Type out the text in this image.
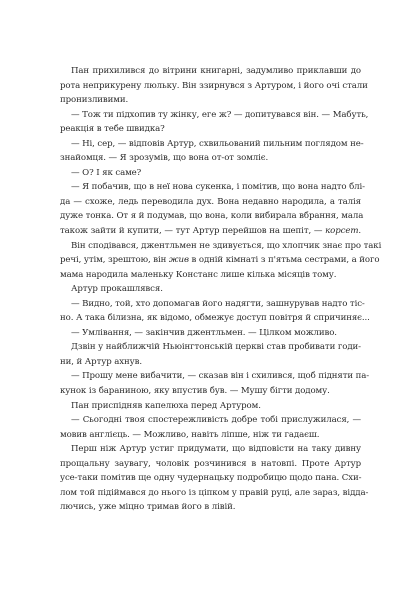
Пан прихилився до вітрини книгарні, задумливо приклавши до
рота неприкурену люльку. Він ззирнувся з Артуром, і його очі стали
пронизливими.
— Тож ти підхопив ту жінку, еге ж? — допитувався він. — Мабуть,
реакція в тебе швидка?
— Ні, сер, — відповів Артур, схвильований пильним поглядом не-
знайомця. — Я зрозумів, що вона от-от зомліє.
— О? І як саме?
— Я побачив, що в неї нова сукенка, і помітив, що вона надто блі-
да — схоже, ледь переводила дух. Вона недавно народила, а талія
дуже тонка. От я й подумав, що вона, коли вибирала вбрання, мала
також зайти й купити, — тут Артур перейшов на шепіт, — корсет.
Він сподівався, джентльмен не здивується, що хлопчик знає про такі
речі, утім, зрештою, він жив в одній кімнаті з п'ятьма сестрами, а його
мама народила маленьку Констанс лише кілька місяців тому.
Артур прокашлявся.
— Видно, той, хто допомагав його надягти, зашнурував надто тіс-
но. А така білизна, як відомо, обмежує доступ повітря й спричиняє...
— Умлівання, — закінчив джентльмен. — Цілком можливо.
Дзвін у найближчій Ньюінгтонській церкві став пробивати годи-
ни, й Артур ахнув.
— Прошу мене вибачити, — сказав він і схилився, щоб підняти па-
кунок із бараниною, яку впустив був. — Мушу бігти додому.
Пан приспідняв капелюха перед Артуром.
— Сьогодні твоя спостережливість добре тобі прислужилася, —
мовив англієць. — Можливо, навіть ліпше, ніж ти гадаєш.
Перш ніж Артур устиг придумати, що відповісти на таку дивну
прощальну заувагу, чоловік розчинився в натовпі. Проте Артур
усе-таки помітив ще одну чудернацьку подробицю щодо пана. Схи-
лом той підіймався до нього із ціпком у правій руці, але зараз, відда-
лючись, уже міцно тримав його в лівій.
